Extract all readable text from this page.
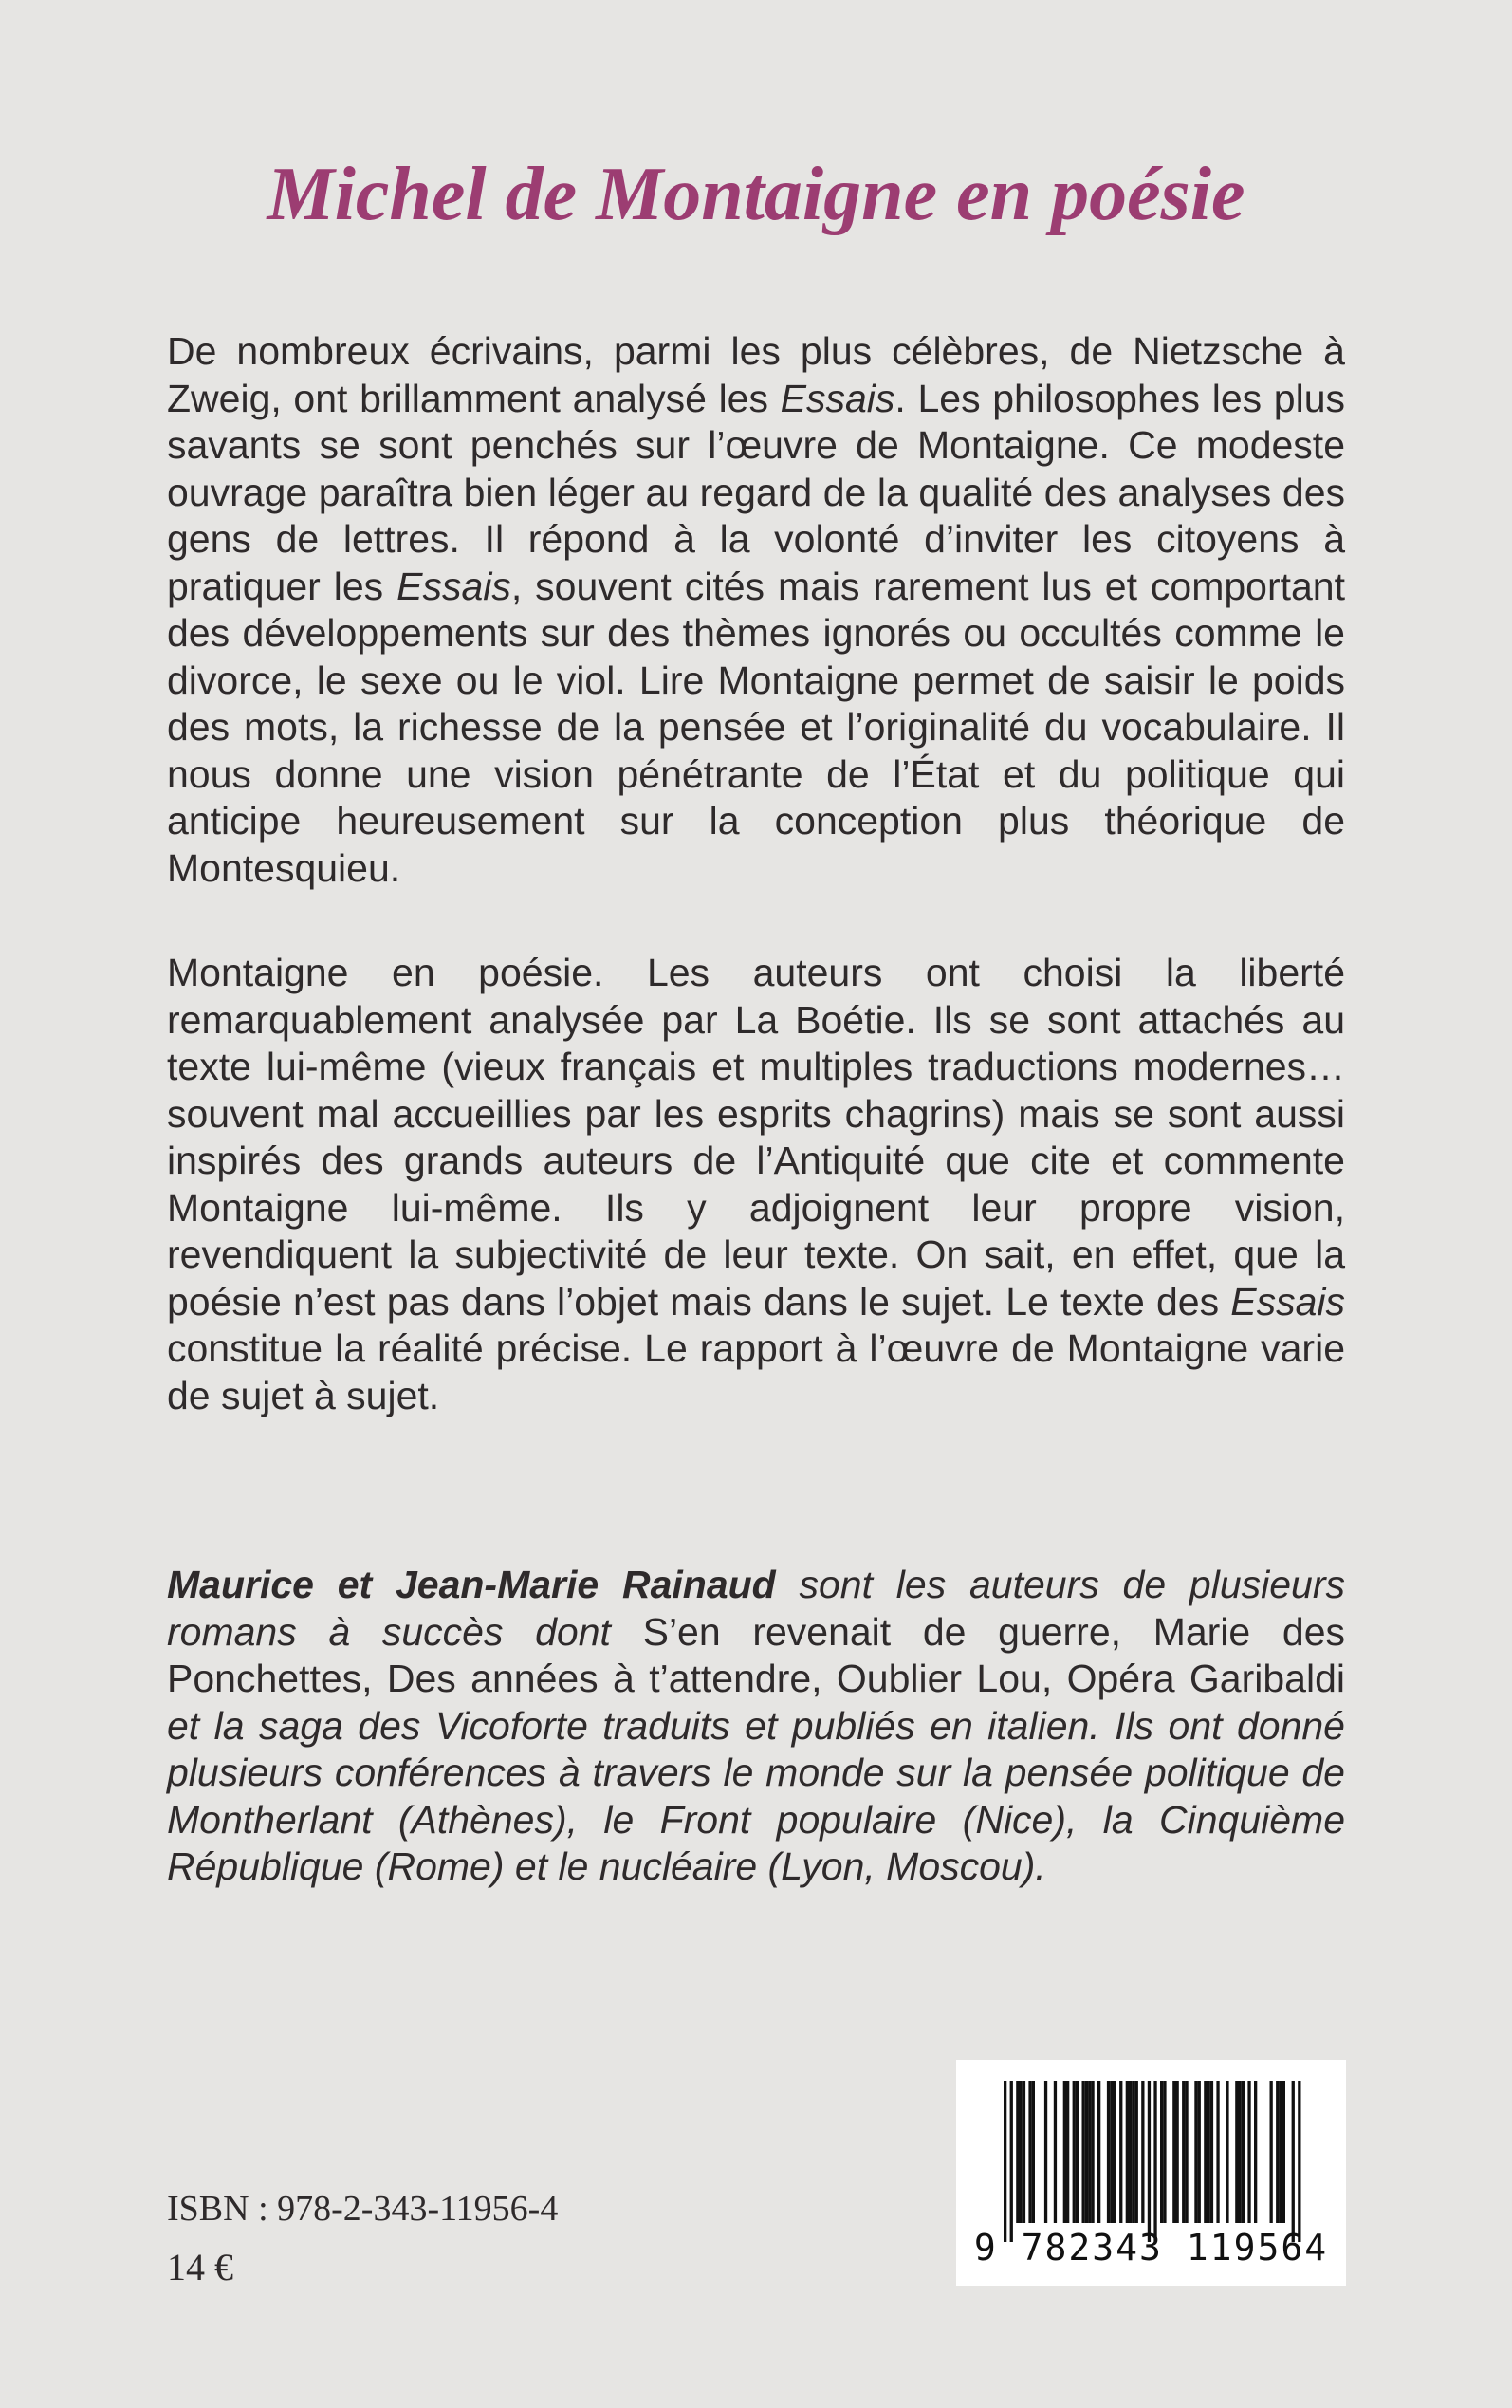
Michel de Montaigne en poésie

De nombreux écrivains, parmi les plus célèbres, de Nietzsche à Zweig, ont brillamment analysé les Essais. Les philosophes les plus savants se sont penchés sur l’œuvre de Montaigne. Ce modeste ouvrage paraîtra bien léger au regard de la qualité des analyses des gens de lettres. Il répond à la volonté d’inviter les citoyens à pratiquer les Essais, souvent cités mais rarement lus et comportant des développements sur des thèmes ignorés ou occultés comme le divorce, le sexe ou le viol. Lire Montaigne permet de saisir le poids des mots, la richesse de la pensée et l’originalité du vocabulaire. Il nous donne une vision pénétrante de l’État et du politique qui anticipe heureusement sur la conception plus théorique de Montesquieu.

Montaigne en poésie. Les auteurs ont choisi la liberté remarquablement analysée par La Boétie. Ils se sont attachés au texte lui-même (vieux français et multiples traductions modernes… souvent mal accueillies par les esprits chagrins) mais se sont aussi inspirés des grands auteurs de l’Antiquité que cite et commente Montaigne lui-même. Ils y adjoignent leur propre vision, revendiquent la subjectivité de leur texte. On sait, en effet, que la poésie n’est pas dans l’objet mais dans le sujet. Le texte des Essais constitue la réalité précise. Le rapport à l’œuvre de Montaigne varie de sujet à sujet.

Maurice et Jean-Marie Rainaud sont les auteurs de plusieurs romans à succès dont S’en revenait de guerre, Marie des Ponchettes, Des années à t’attendre, Oublier Lou, Opéra Garibaldi et la saga des Vicoforte traduits et publiés en italien. Ils ont donné plusieurs conférences à travers le monde sur la pensée politique de Montherlant (Athènes), le Front populaire (Nice), la Cinquième République (Rome) et le nucléaire (Lyon, Moscou).

ISBN : 978-2-343-11956-4
14 €	9 782343 119564
